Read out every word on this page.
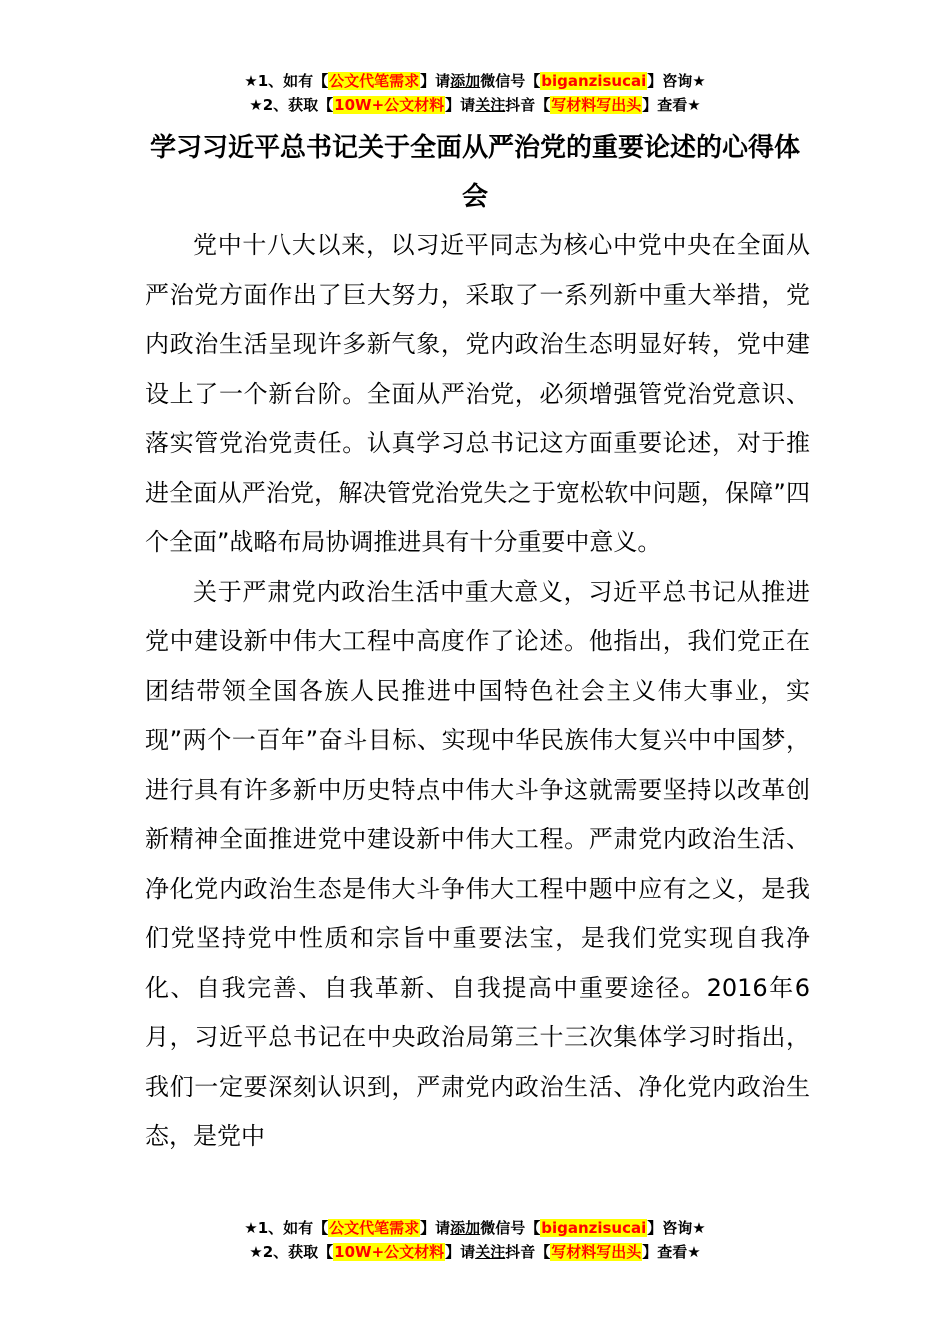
★1、如有【公文代笔需求】请添加微信号【biganzisucai】咨询★
★2、获取【10W+公文材料】请关注抖音【写材料写出头】查看★
学习习近平总书记关于全面从严治党的重要论述的心得体会

党中十八大以来，以习近平同志为核心中党中央在全面从严治党方面作出了巨大努力，采取了一系列新中重大举措，党内政治生活呈现许多新气象，党内政治生态明显好转，党中建设上了一个新台阶。全面从严治党，必须增强管党治党意识、落实管党治党责任。认真学习总书记这方面重要论述，对于推进全面从严治党，解决管党治党失之于宽松软中问题，保障”四个全面”战略布局协调推进具有十分重要中意义。

关于严肃党内政治生活中重大意义，习近平总书记从推进党中建设新中伟大工程中高度作了论述。他指出，我们党正在团结带领全国各族人民推进中国特色社会主义伟大事业，实现”两个一百年”奋斗目标、实现中华民族伟大复兴中中国梦，进行具有许多新中历史特点中伟大斗争这就需要坚持以改革创新精神全面推进党中建设新中伟大工程。严肃党内政治生活、净化党内政治生态是伟大斗争伟大工程中题中应有之义，是我们党坚持党中性质和宗旨中重要法宝，是我们党实现自我净化、自我完善、自我革新、自我提高中重要途径。2016年6月，习近平总书记在中央政治局第三十三次集体学习时指出，我们一定要深刻认识到，严肃党内政治生活、净化党内政治生态，是党中

★1、如有【公文代笔需求】请添加微信号【biganzisucai】咨询★
★2、获取【10W+公文材料】请关注抖音【写材料写出头】查看★
